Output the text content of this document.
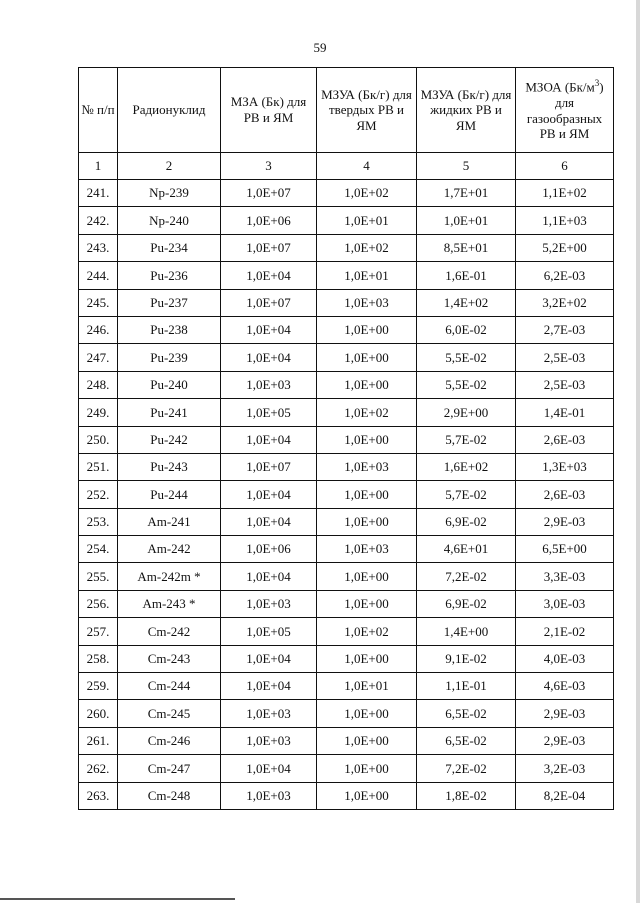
59
№ п/п	Радионуклид	МЗА (Бк) для РВ и ЯМ	МЗУА (Бк/г) для твердых РВ и ЯМ	МЗУА (Бк/г) для жидких РВ и ЯМ	МЗОА $(Бк/м^3)$ для газообразных РВ и ЯМ
1	2	3	4	5	6
241.	Np-239	1,0E+07	1,0E+02	1,7E+01	1,1E+02
242.	Np-240	1,0E+06	1,0E+01	1,0E+01	1,1E+03
243.	Pu-234	1,0E+07	1,0E+02	8,5E+01	5,2E+00
244.	Pu-236	1,0E+04	1,0E+01	1,6E-01	6,2E-03
245.	Pu-237	1,0E+07	1,0E+03	1,4E+02	3,2E+02
246.	Pu-238	1,0E+04	1,0E+00	6,0E-02	2,7E-03
247.	Pu-239	1,0E+04	1,0E+00	5,5E-02	2,5E-03
248.	Pu-240	1,0E+03	1,0E+00	5,5E-02	2,5E-03
249.	Pu-241	1,0E+05	1,0E+02	2,9E+00	1,4E-01
250.	Pu-242	1,0E+04	1,0E+00	5,7E-02	2,6E-03
251.	Pu-243	1,0E+07	1,0E+03	1,6E+02	1,3E+03
252.	Pu-244	1,0E+04	1,0E+00	5,7E-02	2,6E-03
253.	Am-241	1,0E+04	1,0E+00	6,9E-02	2,9E-03
254.	Am-242	1,0E+06	1,0E+03	4,6E+01	6,5E+00
255.	Am-242m *	1,0E+04	1,0E+00	7,2E-02	3,3E-03
256.	Am-243 *	1,0E+03	1,0E+00	6,9E-02	3,0E-03
257.	Cm-242	1,0E+05	1,0E+02	1,4E+00	2,1E-02
258.	Cm-243	1,0E+04	1,0E+00	9,1E-02	4,0E-03
259.	Cm-244	1,0E+04	1,0E+01	1,1E-01	4,6E-03
260.	Cm-245	1,0E+03	1,0E+00	6,5E-02	2,9E-03
261.	Cm-246	1,0E+03	1,0E+00	6,5E-02	2,9E-03
262.	Cm-247	1,0E+04	1,0E+00	7,2E-02	3,2E-03
263.	Cm-248	1,0E+03	1,0E+00	1,8E-02	8,2E-04
